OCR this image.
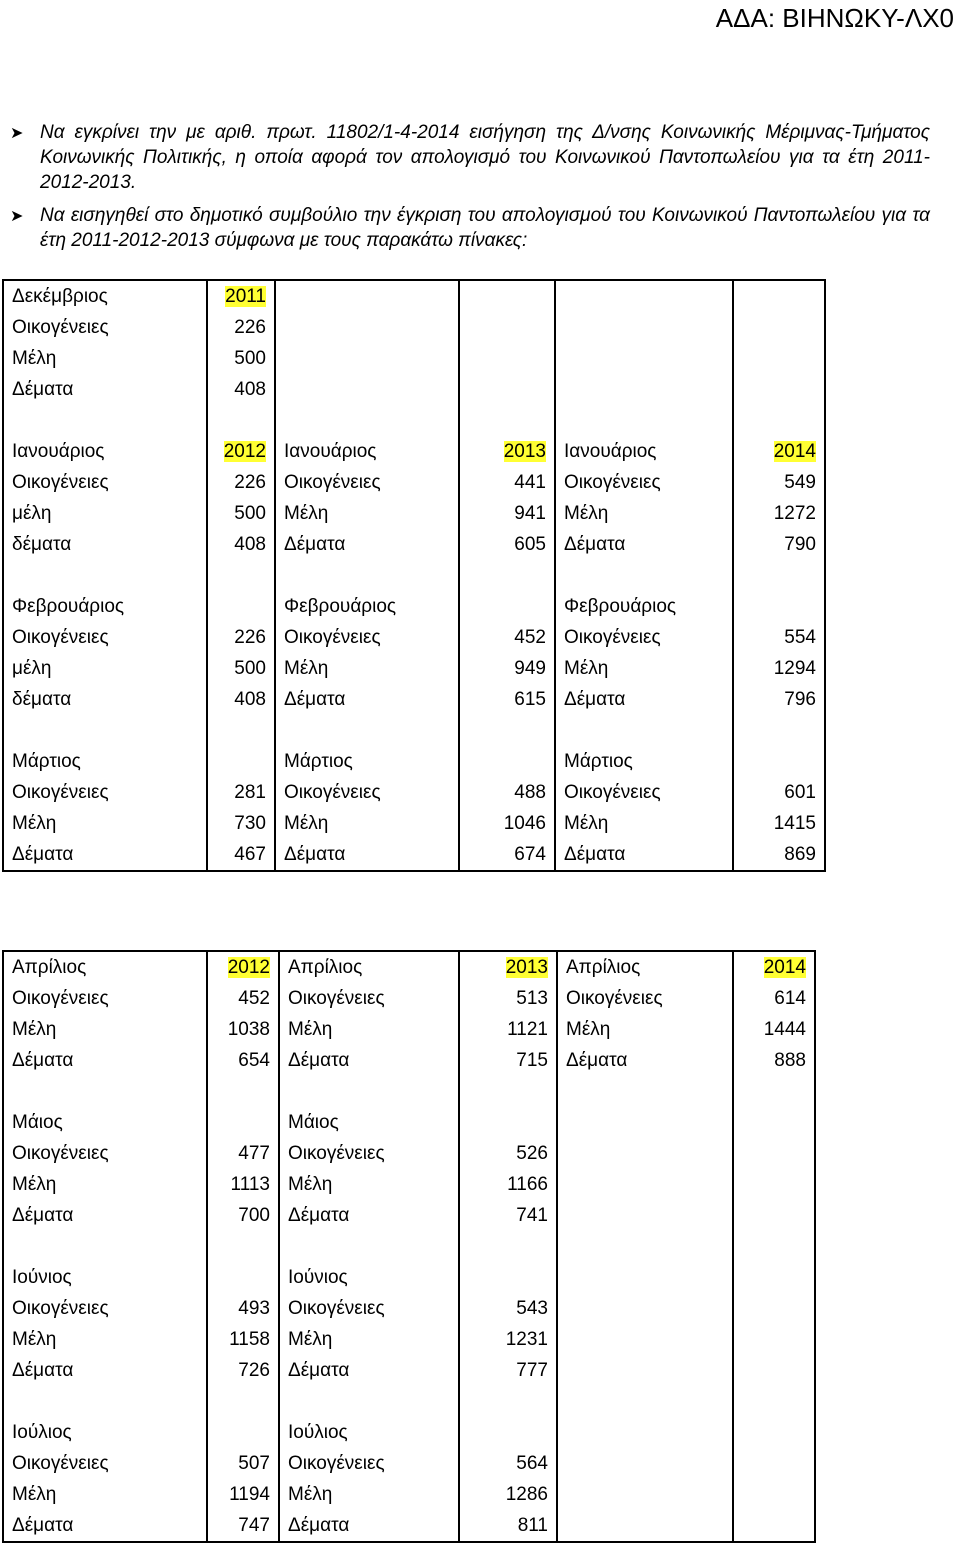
ΑΔΑ: ΒΙΗΝΩΚΥ-ΛΧ0
➤ Να εγκρίνει την με αριθ. πρωτ. 11802/1-4-2014 εισήγηση της Δ/νσης Κοινωνικής Μέριμνας-Τμήματος Κοινωνικής Πολιτικής, η οποία αφορά τον απολογισμό του Κοινωνικού Παντοπωλείου για τα έτη 2011-2012-2013.
➤ Να εισηγηθεί στο δημοτικό συμβούλιο την έγκριση του απολογισμού του Κοινωνικού Παντοπωλείου για τα έτη 2011-2012-2013 σύμφωνα με τους παρακάτω πίνακες:
Δεκέμβριος	2011				
Οικογένειες	226				
Μέλη	500				
Δέματα	408				

Ιανουάριος	2012	Ιανουάριος	2013	Ιανουάριος	2014
Οικογένειες	226	Οικογένειες	441	Οικογένειες	549
μέλη	500	Μέλη	941	Μέλη	1272
δέματα	408	Δέματα	605	Δέματα	790

Φεβρουάριος		Φεβρουάριος		Φεβρουάριος	
Οικογένειες	226	Οικογένειες	452	Οικογένειες	554
μέλη	500	Μέλη	949	Μέλη	1294
δέματα	408	Δέματα	615	Δέματα	796

Μάρτιος		Μάρτιος		Μάρτιος	
Οικογένειες	281	Οικογένειες	488	Οικογένειες	601
Μέλη	730	Μέλη	1046	Μέλη	1415
Δέματα	467	Δέματα	674	Δέματα	869
Απρίλιος	2012	Απρίλιος	2013	Απρίλιος	2014
Οικογένειες	452	Οικογένειες	513	Οικογένειες	614
Μέλη	1038	Μέλη	1121	Μέλη	1444
Δέματα	654	Δέματα	715	Δέματα	888

Μάιος		Μάιος			
Οικογένειες	477	Οικογένειες	526		
Μέλη	1113	Μέλη	1166		
Δέματα	700	Δέματα	741		

Ιούνιος		Ιούνιος			
Οικογένειες	493	Οικογένειες	543		
Μέλη	1158	Μέλη	1231		
Δέματα	726	Δέματα	777		

Ιούλιος		Ιούλιος			
Οικογένειες	507	Οικογένειες	564		
Μέλη	1194	Μέλη	1286		
Δέματα	747	Δέματα	811		
